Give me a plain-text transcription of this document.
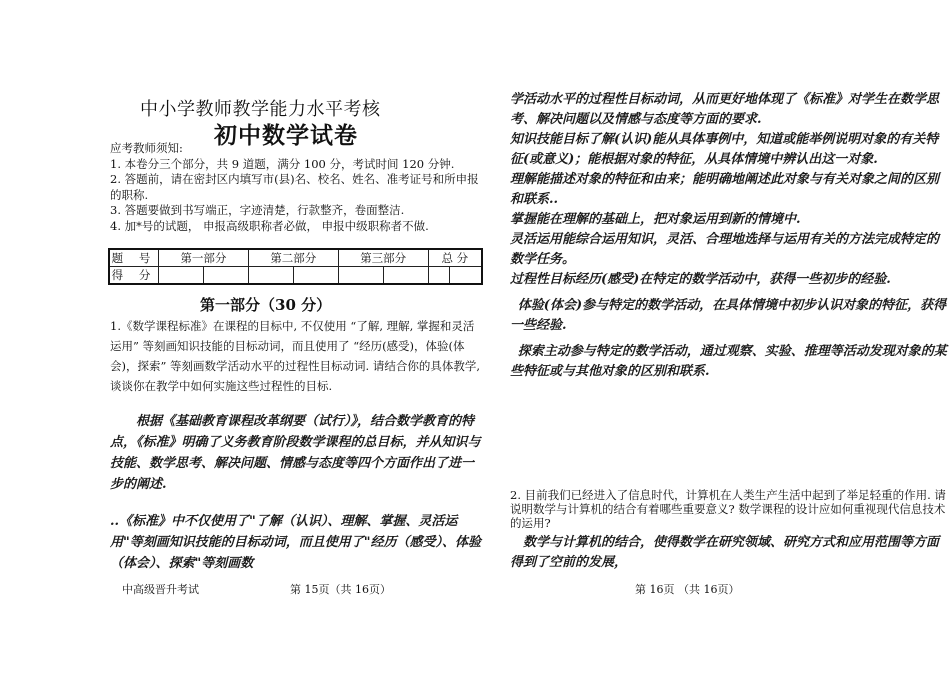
中小学教师教学能力水平考核
初中数学试卷
应考教师须知:
1. 本卷分三个部分，共 9 道题，满分 100 分，考试时间 120 分钟.
2. 答题前，请在密封区内填写市(县)名、校名、姓名、准考证号和所申报的职称.
3. 答题要做到书写端正，字迹清楚，行款整齐，卷面整洁.
4. 加*号的试题， 申报高级职称者必做， 申报中级职称者不做.
题 号	第一部分		第二部分		第三部分		总 分	
得 分								
第一部分（30 分）
1.《数学课程标准》在课程的目标中, 不仅使用 “了解, 理解, 掌握和灵活运用” 等刻画知识技能的目标动词，而且使用了 “经历(感受)，体验(体会)，探索” 等刻画数学活动水平的过程性目标动词. 请结合你的具体教学, 谈谈你在教学中如何实施这些过程性的目标.
根据《基础教育课程改革纲要（试行）》，结合数学教育的特点，《标准》明确了义务教育阶段数学课程的总目标，并从知识与技能、数学思考、解决问题、情感与态度等四个方面作出了进一步的阐述.
..《标准》中不仅使用了"了解（认识）、理解、掌握、灵活运用"等刻画知识技能的目标动词，而且使用了"经历（感受）、体验（体会）、探索"等刻画数
中高级晋升考试	第 15页（共 16页）

学活动水平的过程性目标动词，从而更好地体现了《标准》对学生在数学思考、解决问题以及情感与态度等方面的要求.

知识技能目标了解(认识)能从具体事例中，知道或能举例说明对象的有关特征(或意义)；能根据对象的特征，从具体情境中辨认出这一对象.

理解能描述对象的特征和由来；能明确地阐述此对象与有关对象之间的区别和联系..

掌握能在理解的基础上，把对象运用到新的情境中.

灵活运用能综合运用知识，灵活、合理地选择与运用有关的方法完成特定的数学任务。

过程性目标经历(感受)在特定的数学活动中，获得一些初步的经验.

体验(体会)参与特定的数学活动，在具体情境中初步认识对象的特征，获得一些经验.

探索主动参与特定的数学活动，通过观察、实验、推理等活动发现对象的某些特征或与其他对象的区别和联系.

2. 目前我们已经进入了信息时代，计算机在人类生产生活中起到了举足轻重的作用. 请说明数学与计算机的结合有着哪些重要意义? 数学课程的设计应如何重视现代信息技术的运用?
数学与计算机的结合，使得数学在研究领域、研究方式和应用范围等方面得到了空前的发展，
第 16页 （共 16页）
